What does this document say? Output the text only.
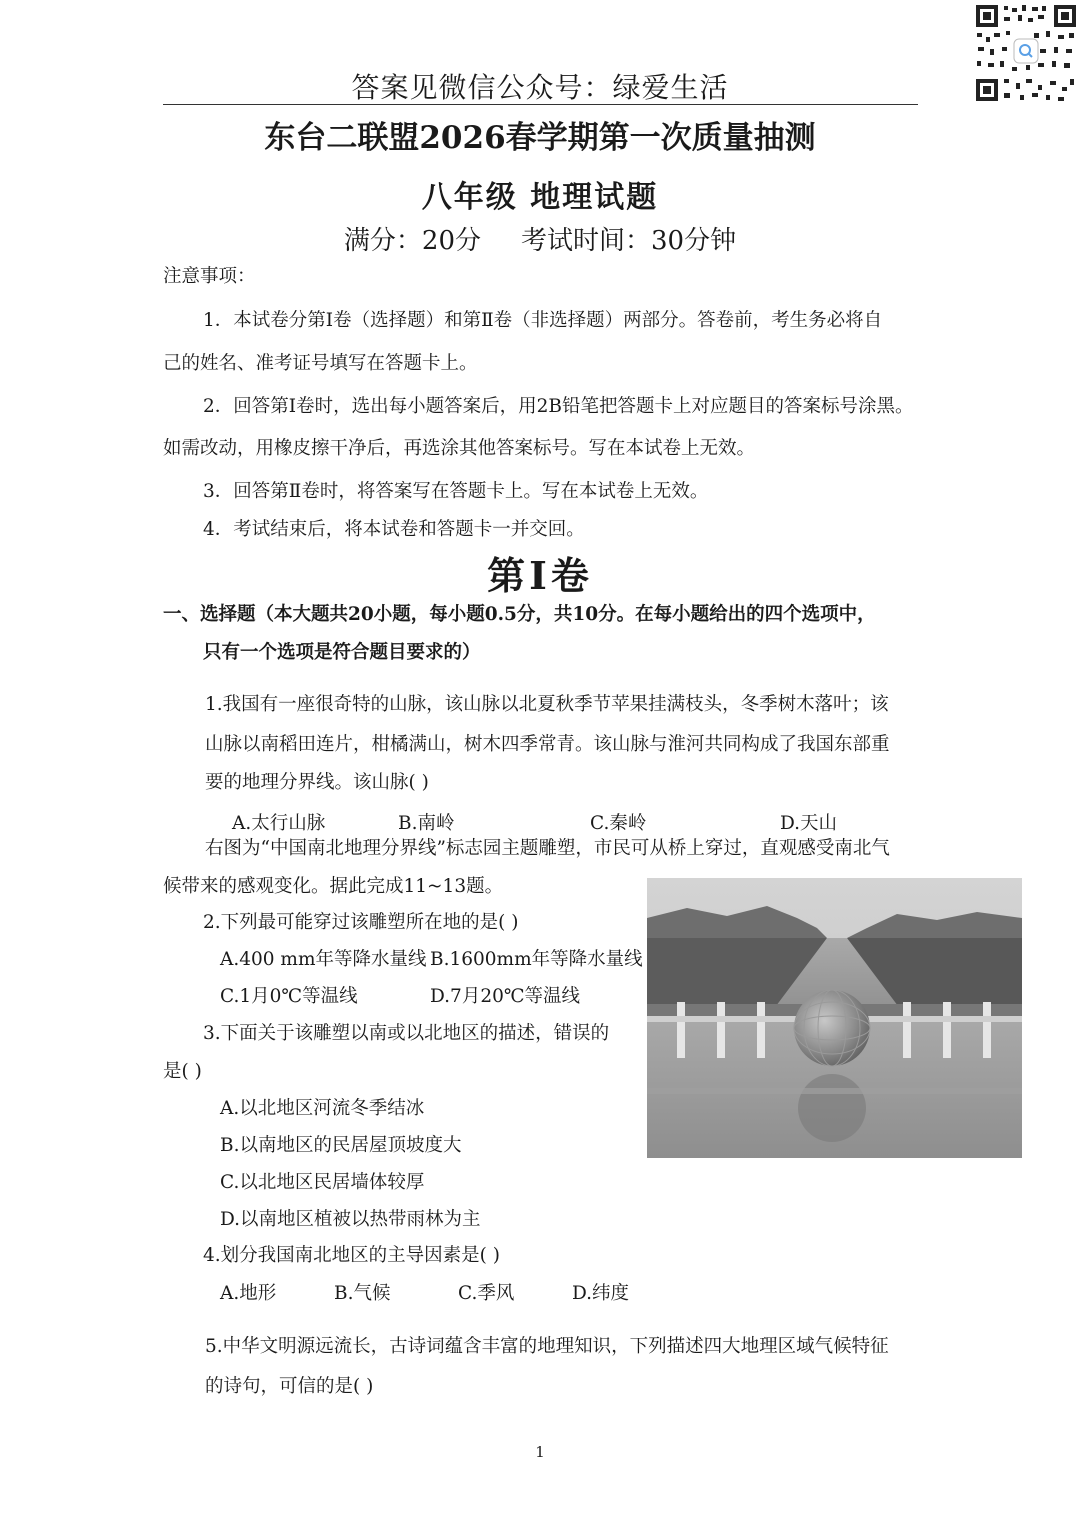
答案见微信公众号：绿爱生活
东台二联盟2026春学期第一次质量抽测
八年级 地理试题
满分：20分 考试时间：30分钟
注意事项：
1．本试卷分第Ⅰ卷（选择题）和第Ⅱ卷（非选择题）两部分。答卷前，考生务必将自
己的姓名、准考证号填写在答题卡上。
2．回答第Ⅰ卷时，选出每小题答案后，用2B铅笔把答题卡上对应题目的答案标号涂黑。
如需改动，用橡皮擦干净后，再选涂其他答案标号。写在本试卷上无效。
3．回答第Ⅱ卷时，将答案写在答题卡上。写在本试卷上无效。
4．考试结束后，将本试卷和答题卡一并交回。
第Ⅰ卷
一、选择题（本大题共20小题，每小题0.5分，共10分。在每小题给出的四个选项中，
只有一个选项是符合题目要求的）
1.我国有一座很奇特的山脉，该山脉以北夏秋季节苹果挂满枝头，冬季树木落叶；该
山脉以南稻田连片，柑橘满山，树木四季常青。该山脉与淮河共同构成了我国东部重
要的地理分界线。该山脉( )
A.太行山脉	B.南岭	C.秦岭	D.天山
右图为“中国南北地理分界线”标志园主题雕塑，市民可从桥上穿过，直观感受南北气
候带来的感观变化。据此完成11~13题。
2.下列最可能穿过该雕塑所在地的是( )
A.400 mm年等降水量线 B.1600mm年等降水量线
C.1月0℃等温线	D.7月20℃等温线
3.下面关于该雕塑以南或以北地区的描述，错误的
是( )
A.以北地区河流冬季结冰
B.以南地区的民居屋顶坡度大
C.以北地区民居墙体较厚
D.以南地区植被以热带雨林为主
4.划分我国南北地区的主导因素是( )
A.地形	B.气候	C.季风	D.纬度
5.中华文明源远流长，古诗词蕴含丰富的地理知识，下列描述四大地理区域气候特征
的诗句，可信的是( )
1
